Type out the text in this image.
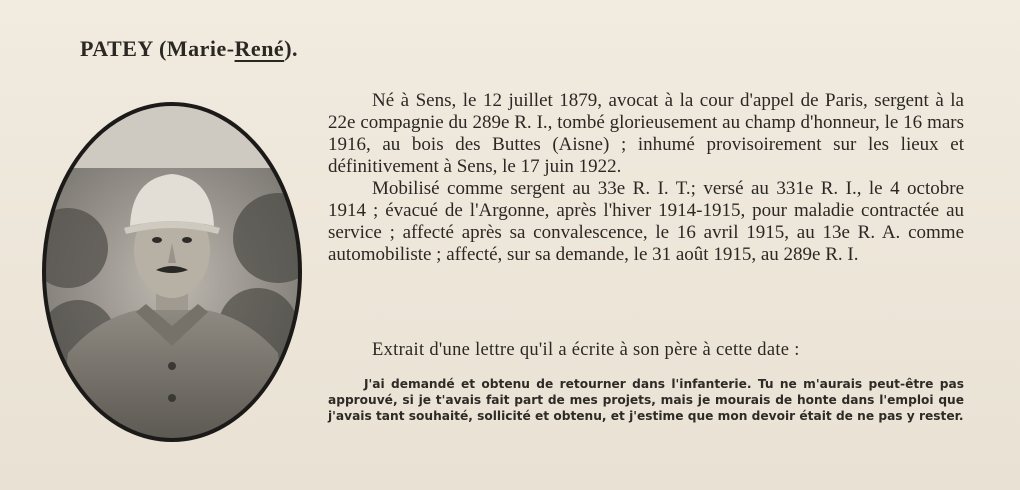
PATEY (Marie-René).

Né à Sens, le 12 juillet 1879, avocat à la cour d'appel de Paris, sergent à la 22e compagnie du 289e R. I., tombé glorieusement au champ d'honneur, le 16 mars 1916, au bois des Buttes (Aisne) ; inhumé provisoirement sur les lieux et définitivement à Sens, le 17 juin 1922.

Mobilisé comme sergent au 33e R. I. T.; versé au 331e R. I., le 4 octobre 1914 ; évacué de l'Argonne, après l'hiver 1914-1915, pour maladie contractée au service ; affecté après sa convalescence, le 16 avril 1915, au 13e R. A. comme automobiliste ; affecté, sur sa demande, le 31 août 1915, au 289e R. I.

Extrait d'une lettre qu'il a écrite à son père à cette date :

J'ai demandé et obtenu de retourner dans l'infanterie. Tu ne m'aurais peut-être pas approuvé, si je t'avais fait part de mes projets, mais je mourais de honte dans l'emploi que j'avais tant souhaité, sollicité et obtenu, et j'estime que mon devoir était de ne pas y rester.
